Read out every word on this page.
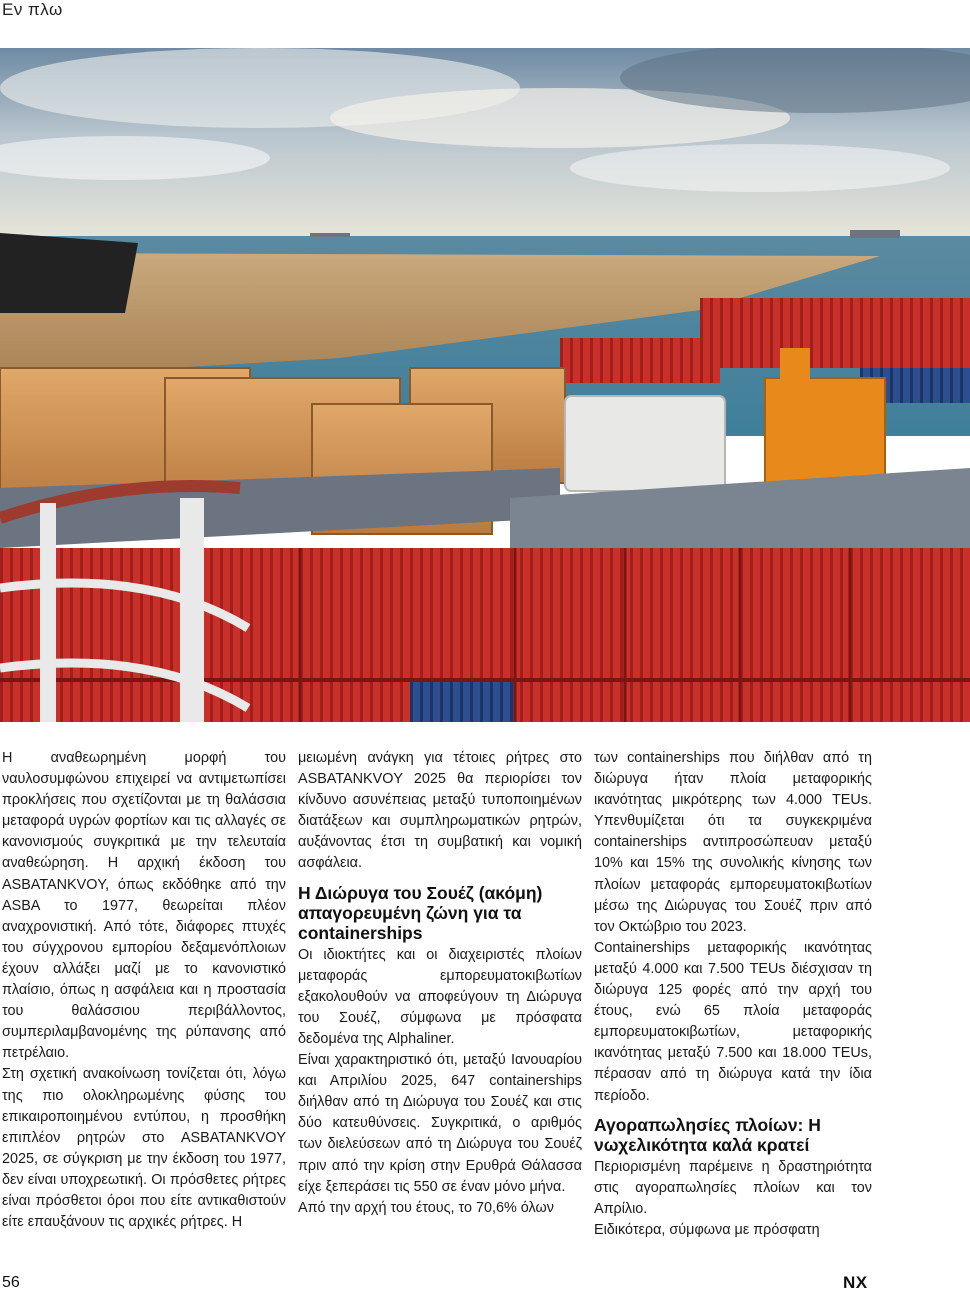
Εν πλω

Η αναθεωρημένη μορφή του ναυλοσυμφώνου επιχειρεί να αντιμετωπίσει προκλήσεις που σχετίζονται με τη θαλάσσια μεταφορά υγρών φορτίων και τις αλλαγές σε κανονισμούς συγκριτικά με την τελευταία αναθεώρηση. Η αρχική έκδοση του ASBATANKVOY, όπως εκδόθηκε από την ASBA το 1977, θεωρείται πλέον αναχρονιστική. Από τότε, διάφορες πτυχές του σύγχρονου εμπορίου δεξαμενόπλοιων έχουν αλλάξει μαζί με το κανονιστικό πλαίσιο, όπως η ασφάλεια και η προστασία του θαλάσσιου περιβάλλοντος, συμπεριλαμβανομένης της ρύπανσης από πετρέλαιο.

Στη σχετική ανακοίνωση τονίζεται ότι, λόγω της πιο ολοκληρωμένης φύσης του επικαιροποιημένου εντύπου, η προσθήκη επιπλέον ρητρών στο ASBATANKVOY 2025, σε σύγκριση με την έκδοση του 1977, δεν είναι υποχρεωτική. Οι πρόσθετες ρήτρες είναι πρόσθετοι όροι που είτε αντικαθιστούν είτε επαυξάνουν τις αρχικές ρήτρες. Η

μειωμένη ανάγκη για τέτοιες ρήτρες στο ASBATANKVOY 2025 θα περιορίσει τον κίνδυνο ασυνέπειας μεταξύ τυποποιημένων διατάξεων και συμπληρωματικών ρητρών, αυξάνοντας έτσι τη συμβατική και νομική ασφάλεια.

Η Διώρυγα του Σουέζ (ακόμη) απαγορευμένη ζώνη για τα containerships

Οι ιδιοκτήτες και οι διαχειριστές πλοίων μεταφοράς εμπορευματοκιβωτίων εξακολουθούν να αποφεύγουν τη Διώρυγα του Σουέζ, σύμφωνα με πρόσφατα δεδομένα της Alphaliner.

Είναι χαρακτηριστικό ότι, μεταξύ Ιανουαρίου και Απριλίου 2025, 647 containerships διήλθαν από τη Διώρυγα του Σουέζ και στις δύο κατευθύνσεις. Συγκριτικά, ο αριθμός των διελεύσεων από τη Διώρυγα του Σουέζ πριν από την κρίση στην Ερυθρά Θάλασσα είχε ξεπεράσει τις 550 σε έναν μόνο μήνα.

Από την αρχή του έτους, το 70,6% όλων

των containerships που διήλθαν από τη διώρυγα ήταν πλοία μεταφορικής ικανότητας μικρότερης των 4.000 TEUs. Υπενθυμίζεται ότι τα συγκεκριμένα containerships αντιπροσώπευαν μεταξύ 10% και 15% της συνολικής κίνησης των πλοίων μεταφοράς εμπορευματοκιβωτίων μέσω της Διώρυγας του Σουέζ πριν από τον Οκτώβριο του 2023.

Containerships μεταφορικής ικανότητας μεταξύ 4.000 και 7.500 TEUs διέσχισαν τη διώρυγα 125 φορές από την αρχή του έτους, ενώ 65 πλοία μεταφοράς εμπορευματοκιβωτίων, μεταφορικής ικανότητας μεταξύ 7.500 και 18.000 TEUs, πέρασαν από τη διώρυγα κατά την ίδια περίοδο.

Αγοραπωλησίες πλοίων: Η νωχελικότητα καλά κρατεί

Περιορισμένη παρέμεινε η δραστηριότητα στις αγοραπωλησίες πλοίων και τον Απρίλιο.

Ειδικότερα, σύμφωνα με πρόσφατη

56	NX
